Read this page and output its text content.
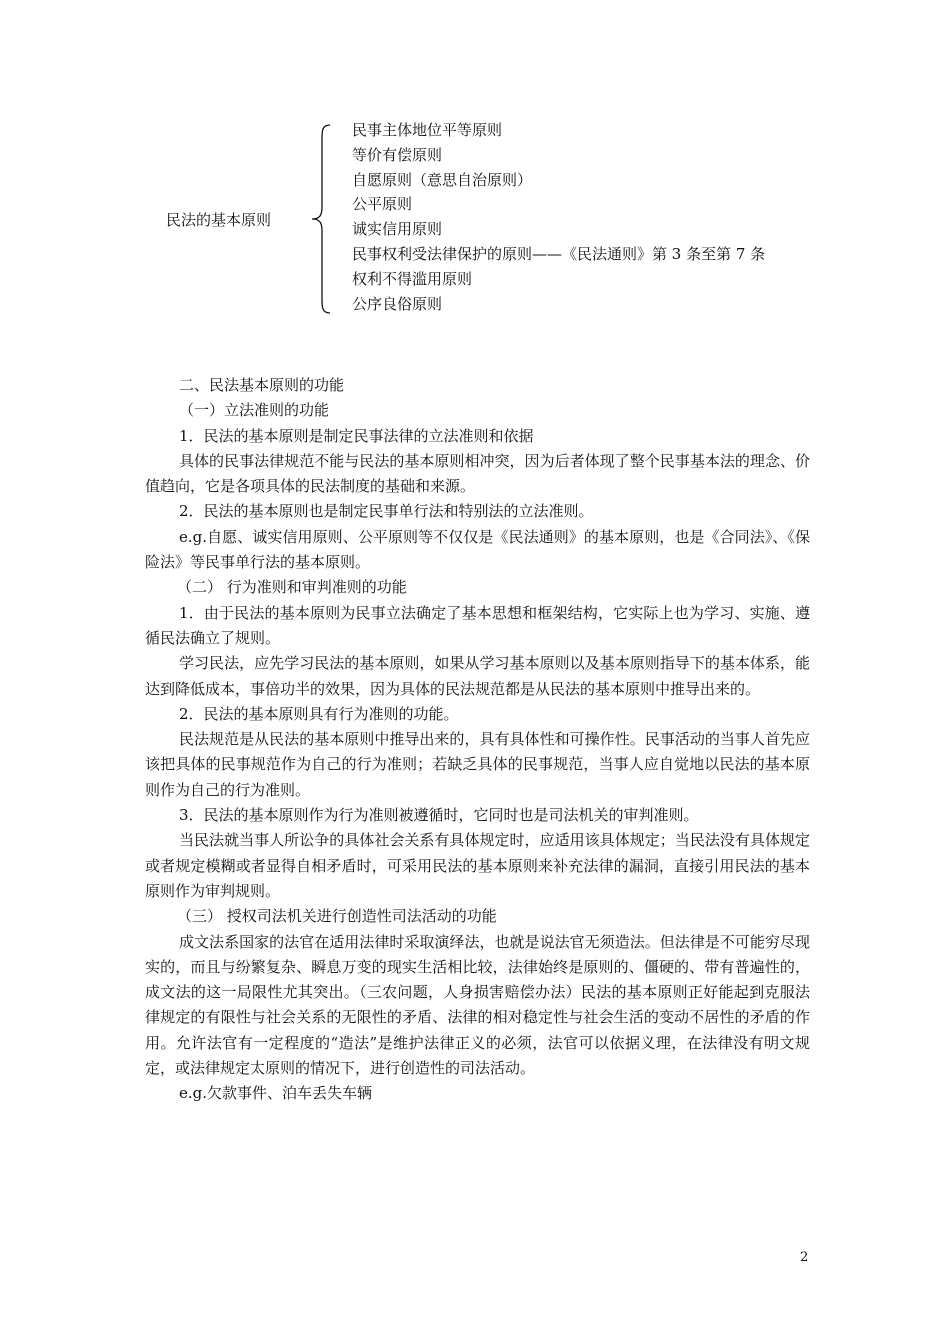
民法的基本原则
民事主体地位平等原则
等价有偿原则
自愿原则（意思自治原则）
公平原则
诚实信用原则
民事权利受法律保护的原则——《民法通则》第 3 条至第 7 条
权利不得滥用原则
公序良俗原则

二、民法基本原则的功能

（一）立法准则的功能

1．民法的基本原则是制定民事法律的立法准则和依据

具体的民事法律规范不能与民法的基本原则相冲突，因为后者体现了整个民事基本法的理念、价值趋向，它是各项具体的民法制度的基础和来源。

2．民法的基本原则也是制定民事单行法和特别法的立法准则。

e.g.自愿、诚实信用原则、公平原则等不仅仅是《民法通则》的基本原则，也是《合同法》、《保险法》等民事单行法的基本原则。

（二） 行为准则和审判准则的功能

1．由于民法的基本原则为民事立法确定了基本思想和框架结构，它实际上也为学习、实施、遵循民法确立了规则。

学习民法，应先学习民法的基本原则，如果从学习基本原则以及基本原则指导下的基本体系，能达到降低成本，事倍功半的效果，因为具体的民法规范都是从民法的基本原则中推导出来的。

2．民法的基本原则具有行为准则的功能。

民法规范是从民法的基本原则中推导出来的，具有具体性和可操作性。民事活动的当事人首先应该把具体的民事规范作为自己的行为准则；若缺乏具体的民事规范，当事人应自觉地以民法的基本原则作为自己的行为准则。

3．民法的基本原则作为行为准则被遵循时，它同时也是司法机关的审判准则。

当民法就当事人所讼争的具体社会关系有具体规定时，应适用该具体规定；当民法没有具体规定或者规定模糊或者显得自相矛盾时，可采用民法的基本原则来补充法律的漏洞，直接引用民法的基本原则作为审判规则。

（三） 授权司法机关进行创造性司法活动的功能

成文法系国家的法官在适用法律时采取演绎法，也就是说法官无须造法。但法律是不可能穷尽现实的，而且与纷繁复杂、瞬息万变的现实生活相比较，法律始终是原则的、僵硬的、带有普遍性的，成文法的这一局限性尤其突出。（三农问题，人身损害赔偿办法）民法的基本原则正好能起到克服法律规定的有限性与社会关系的无限性的矛盾、法律的相对稳定性与社会生活的变动不居性的矛盾的作用。允许法官有一定程度的“造法”是维护法律正义的必须，法官可以依据义理，在法律没有明文规定，或法律规定太原则的情况下，进行创造性的司法活动。

e.g.欠款事件、泊车丢失车辆

2
